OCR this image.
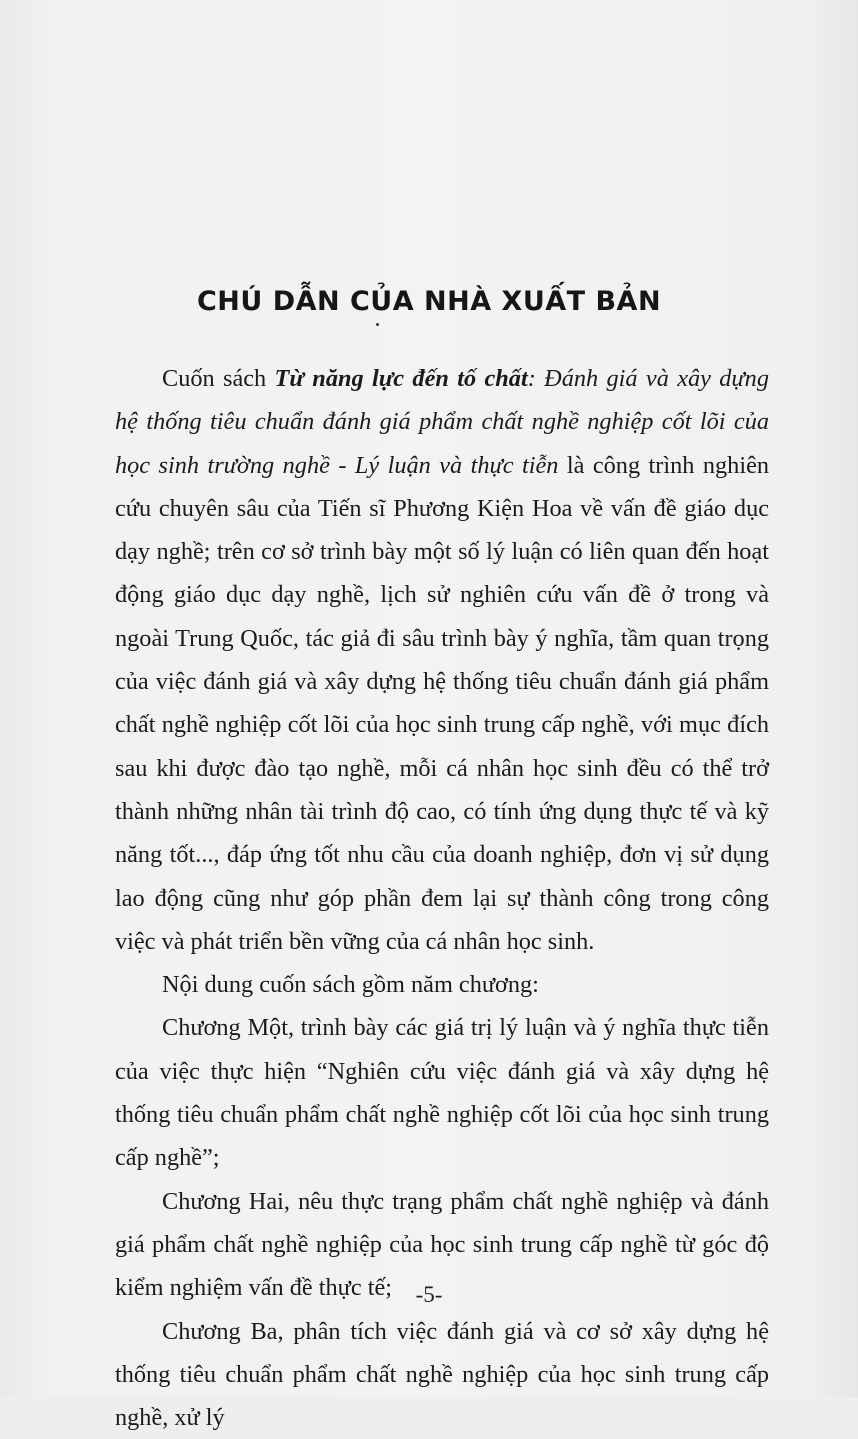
CHÚ DẪN CỦA NHÀ XUẤT BẢN

Cuốn sách Từ năng lực đến tố chất: Đánh giá và xây dựng hệ thống tiêu chuẩn đánh giá phẩm chất nghề nghiệp cốt lõi của học sinh trường nghề - Lý luận và thực tiễn là công trình nghiên cứu chuyên sâu của Tiến sĩ Phương Kiện Hoa về vấn đề giáo dục dạy nghề; trên cơ sở trình bày một số lý luận có liên quan đến hoạt động giáo dục dạy nghề, lịch sử nghiên cứu vấn đề ở trong và ngoài Trung Quốc, tác giả đi sâu trình bày ý nghĩa, tầm quan trọng của việc đánh giá và xây dựng hệ thống tiêu chuẩn đánh giá phẩm chất nghề nghiệp cốt lõi của học sinh trung cấp nghề, với mục đích sau khi được đào tạo nghề, mỗi cá nhân học sinh đều có thể trở thành những nhân tài trình độ cao, có tính ứng dụng thực tế và kỹ năng tốt..., đáp ứng tốt nhu cầu của doanh nghiệp, đơn vị sử dụng lao động cũng như góp phần đem lại sự thành công trong công việc và phát triển bền vững của cá nhân học sinh.

Nội dung cuốn sách gồm năm chương:

Chương Một, trình bày các giá trị lý luận và ý nghĩa thực tiễn của việc thực hiện “Nghiên cứu việc đánh giá và xây dựng hệ thống tiêu chuẩn phẩm chất nghề nghiệp cốt lõi của học sinh trung cấp nghề”;

Chương Hai, nêu thực trạng phẩm chất nghề nghiệp và đánh giá phẩm chất nghề nghiệp của học sinh trung cấp nghề từ góc độ kiểm nghiệm vấn đề thực tế;

Chương Ba, phân tích việc đánh giá và cơ sở xây dựng hệ thống tiêu chuẩn phẩm chất nghề nghiệp của học sinh trung cấp nghề, xử lý

-5-
